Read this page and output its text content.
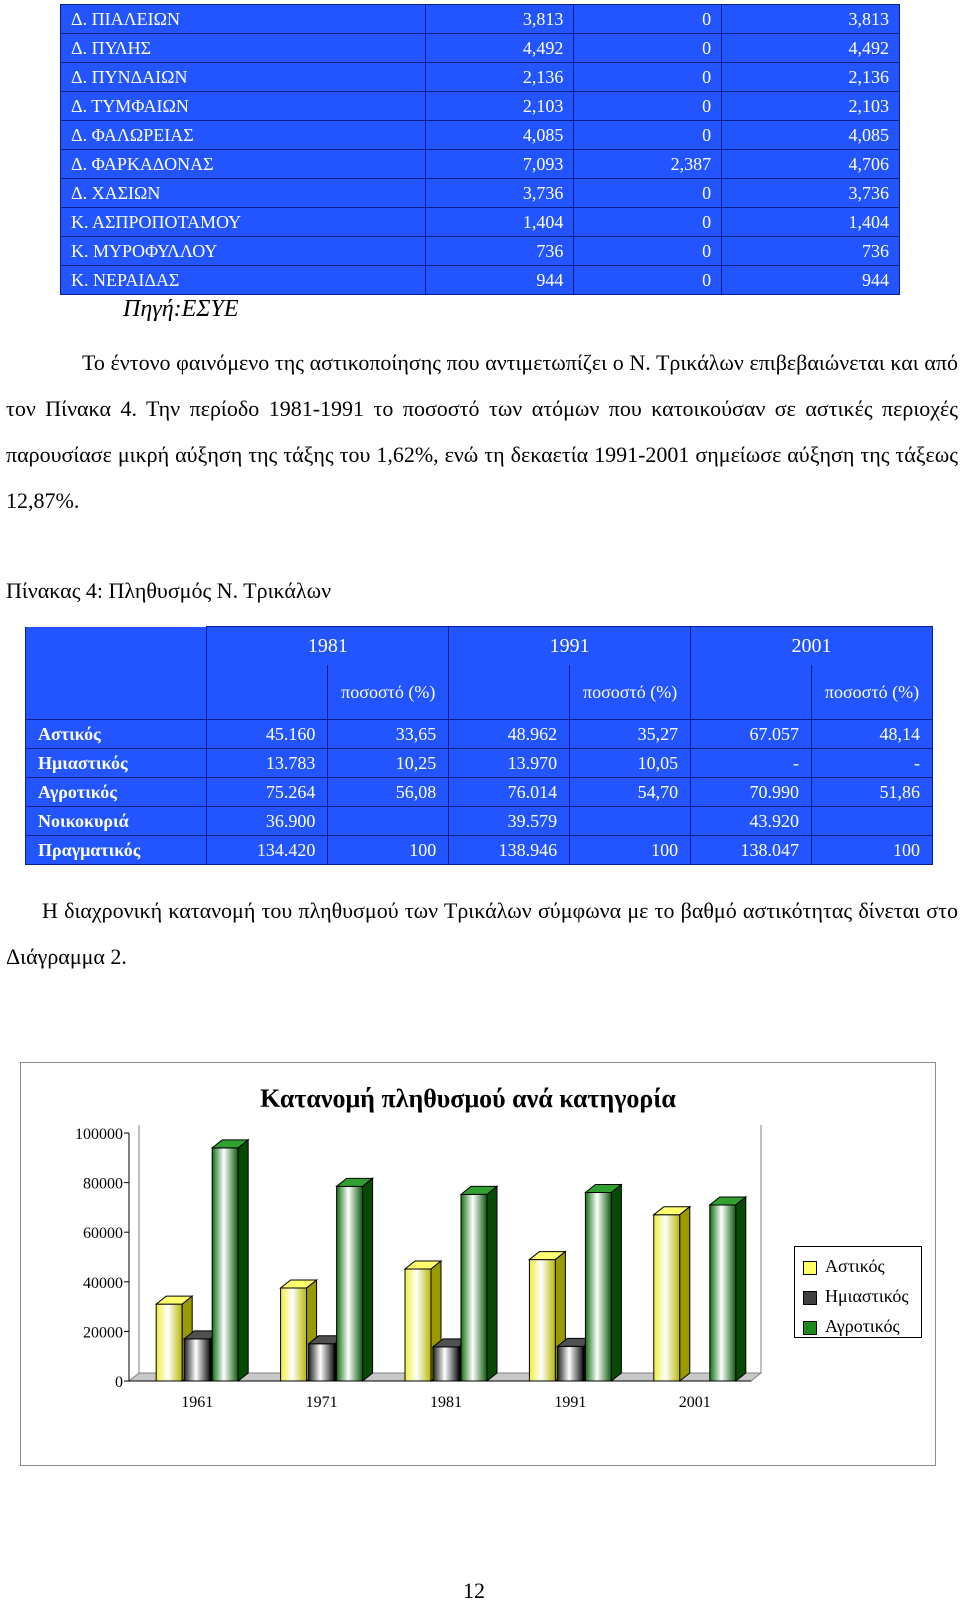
Δ. ΠΙΑΛΕΙΩΝ	3,813	0	3,813
Δ. ΠΥΛΗΣ	4,492	0	4,492
Δ. ΠΥΝΔΑΙΩΝ	2,136	0	2,136
Δ. ΤΥΜΦΑΙΩΝ	2,103	0	2,103
Δ. ΦΑΛΩΡΕΙΑΣ	4,085	0	4,085
Δ. ΦΑΡΚΑΔΟΝΑΣ	7,093	2,387	4,706
Δ. ΧΑΣΙΩΝ	3,736	0	3,736
Κ. ΑΣΠΡΟΠΟΤΑΜΟΥ	1,404	0	1,404
Κ. ΜΥΡΟΦΥΛΛΟΥ	736	0	736
Κ. ΝΕΡΑΙΔΑΣ	944	0	944
Πηγή:ΕΣΥΕ
Το έντονο φαινόμενο της αστικοποίησης που αντιμετωπίζει ο Ν. Τρικάλων επιβεβαιώνεται και από τον Πίνακα 4. Την περίοδο 1981-1991 το ποσοστό των ατόμων που κατοικούσαν σε αστικές περιοχές παρουσίασε μικρή αύξηση της τάξης του 1,62%, ενώ τη δεκαετία 1991-2001 σημείωσε αύξηση της τάξεως 12,87%.
Πίνακας 4: Πληθυσμός Ν. Τρικάλων
	1981		1991		2001	
		ποσοστό (%)		ποσοστό (%)		ποσοστό (%)
Αστικός	45.160	33,65	48.962	35,27	67.057	48,14
Ημιαστικός	13.783	10,25	13.970	10,05	-	-
Αγροτικός	75.264	56,08	76.014	54,70	70.990	51,86
Νοικοκυριά	36.900		39.579		43.920	
Πραγματικός	134.420	100	138.946	100	138.047	100
Η διαχρονική κατανομή του πληθυσμού των Τρικάλων σύμφωνα με το βαθμό αστικότητας δίνεται στο Διάγραμμα 2.
Κατανομή πληθυσμού ανά κατηγορία
0
20000
40000
60000
80000
100000
1961	1971	1981	1991	2001
Αστικός
Ημιαστικός
Αγροτικός
12
